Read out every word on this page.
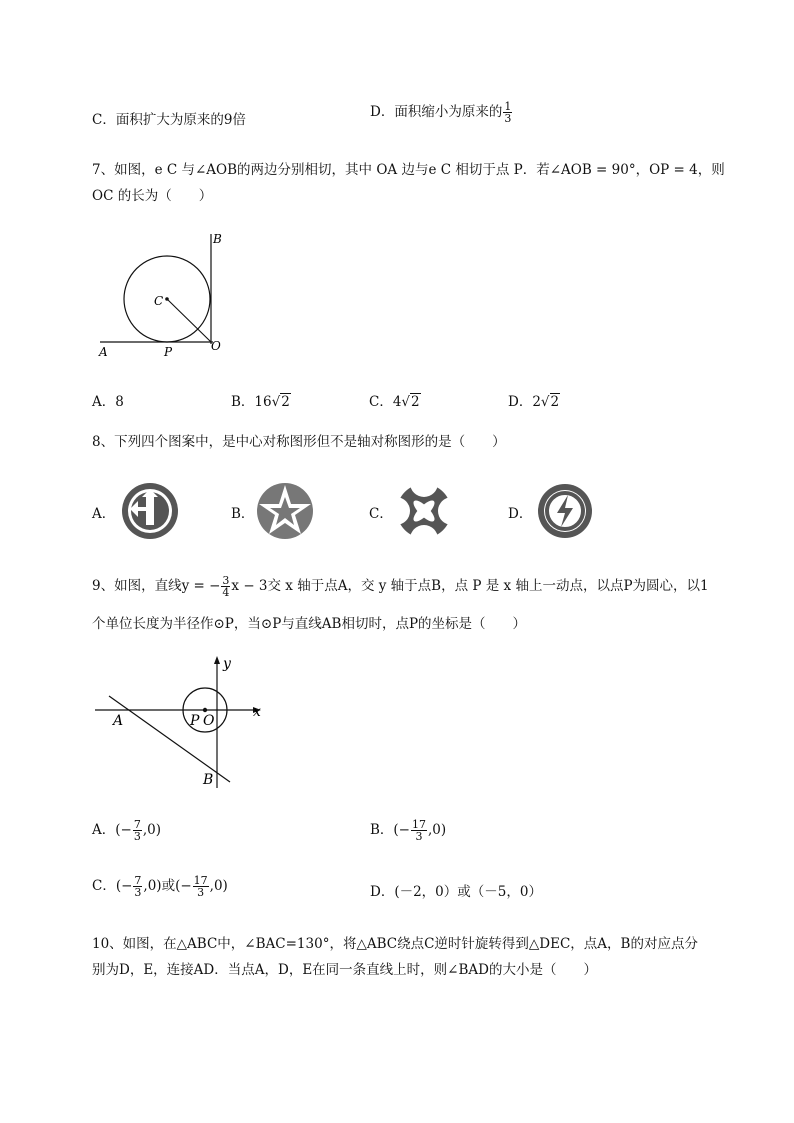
C．面积扩大为原来的9倍	D．面积缩小为原来的 $\frac{1}{3}$
7、如图，e C 与∠AOB的两边分别相切，其中 OA 边与e C 相切于点 P．若∠AOB = 90°，OP = 4，则
OC 的长为（　　）
B
C
A	P	O
A．8	B．16√2	C．4√2	D．2√2
8、下列四个图案中，是中心对称图形但不是轴对称图形的是（　　）
A．	B．	C．	D．
9、如图，直线y = − $\frac{3}{4}$ x − 3交 x 轴于点A，交 y 轴于点B，点 P 是 x 轴上一动点，以点P为圆心，以1
个单位长度为半径作⊙P，当⊙P与直线AB相切时，点P的坐标是（　　）
y
x
A	P O
B
A．(− $\frac{7}{3} ,0$)	B．(− $\frac{17}{3} ,0$)
C．(− $\frac{7}{3} ,0$)或(− $\frac{17}{3} ,0$)	D．(－2，0）或（－5，0）
10、如图，在△ABC中，∠BAC=130°，将△ABC绕点C逆时针旋转得到△DEC，点A，B的对应点分
别为D，E，连接AD．当点A，D，E在同一条直线上时，则∠BAD的大小是（　　）
